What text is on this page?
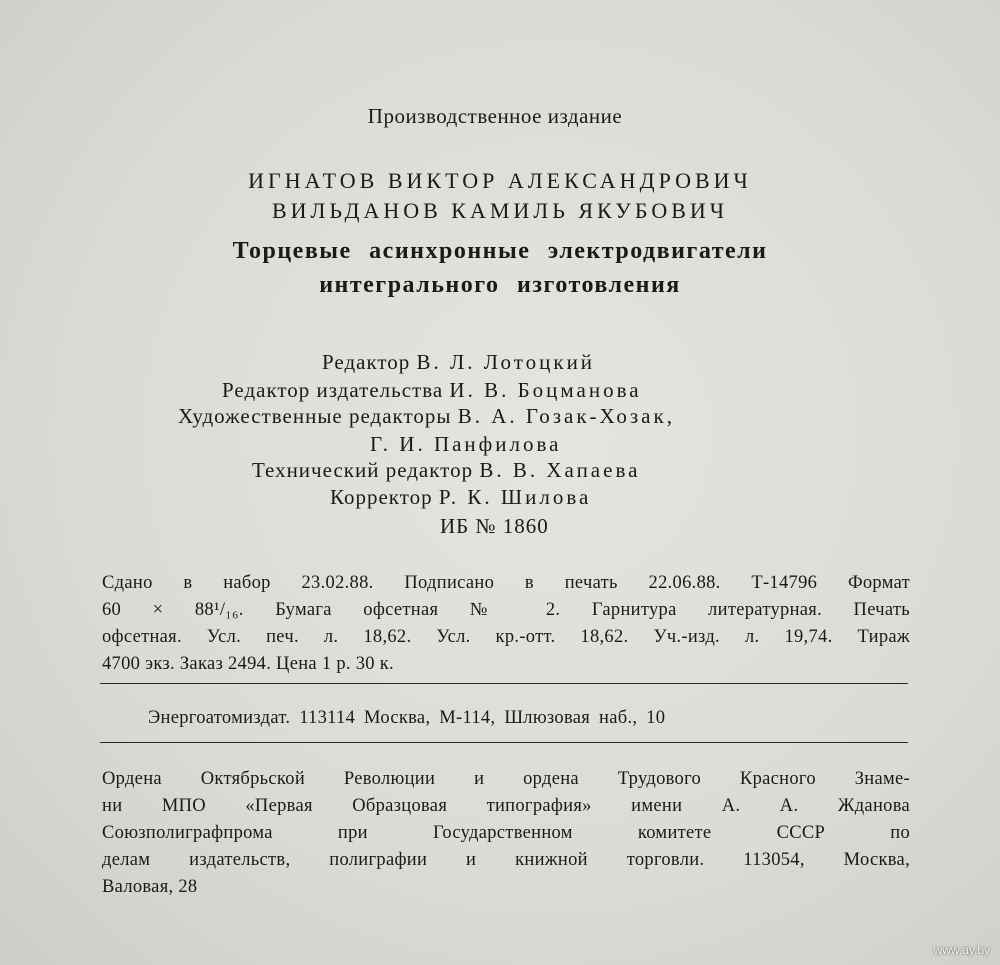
Производственное издание
ИГНАТОВ ВИКТОР АЛЕКСАНДРОВИЧ
ВИЛЬДАНОВ КАМИЛЬ ЯКУБОВИЧ
Торцевые асинхронные электродвигатели
интегрального изготовления
Редактор В. Л. Лотоцкий
Редактор издательства И. В. Боцманова
Художественные редакторы В. А. Гозак-Хозак,
Г. И. Панфилова
Технический редактор В. В. Хапаева
Корректор Р. К. Шилова
ИБ № 1860
Сдано в набор 23.02.88. Подписано в печать 22.06.88. Т-14796 Формат
60 × 88¹/₁₆. Бумага офсетная № 2. Гарнитура литературная. Печать
офсетная. Усл. печ. л. 18,62. Усл. кр.-отт. 18,62. Уч.-изд. л. 19,74. Тираж
4700 экз. Заказ 2494. Цена 1 р. 30 к.
Энергоатомиздат. 113114 Москва, М-114, Шлюзовая наб., 10
Ордена Октябрьской Революции и ордена Трудового Красного Знаме-
ни МПО «Первая Образцовая типография» имени А. А. Жданова
Союзполиграфпрома при Государственном комитете СССР по
делам издательств, полиграфии и книжной торговли. 113054, Москва,
Валовая, 28
www.ay.by
